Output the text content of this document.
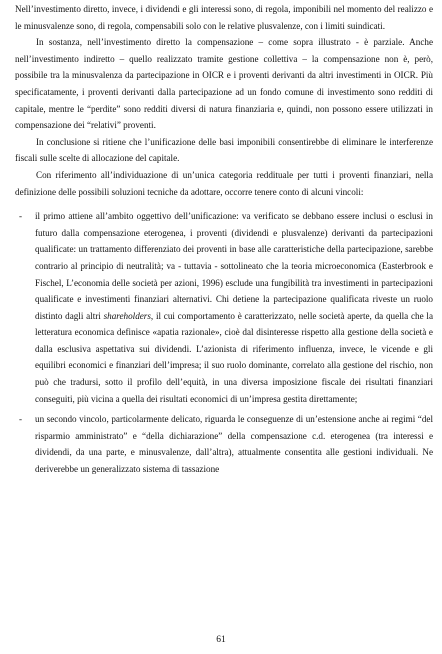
Nell’investimento diretto, invece, i dividendi e gli interessi sono, di regola, imponibili nel momento del realizzo e le minusvalenze sono, di regola, compensabili solo con le relative plusvalenze, con i limiti suindicati.

In sostanza, nell’investimento diretto la compensazione – come sopra illustrato - è parziale. Anche nell’investimento indiretto – quello realizzato tramite gestione collettiva – la compensazione non è, però, possibile tra la minusvalenza da partecipazione in OICR e i proventi derivanti da altri investimenti in OICR. Più specificatamente, i proventi derivanti dalla partecipazione ad un fondo comune di investimento sono redditi di capitale, mentre le “perdite” sono redditi diversi di natura finanziaria e, quindi, non possono essere utilizzati in compensazione dei “relativi” proventi.

In conclusione si ritiene che l’unificazione delle basi imponibili consentirebbe di eliminare le interferenze fiscali sulle scelte di allocazione del capitale.

Con riferimento all’individuazione di un’unica categoria reddituale per tutti i proventi finanziari, nella definizione delle possibili soluzioni tecniche da adottare, occorre tenere conto di alcuni vincoli:

- il primo attiene all’ambito oggettivo dell’unificazione: va verificato se debbano essere inclusi o esclusi in futuro dalla compensazione eterogenea, i proventi (dividendi e plusvalenze) derivanti da partecipazioni qualificate: un trattamento differenziato dei proventi in base alle caratteristiche della partecipazione, sarebbe contrario al principio di neutralità; va - tuttavia - sottolineato che la teoria microeconomica (Easterbrook e Fischel, L’economia delle società per azioni, 1996) esclude una fungibilità tra investimenti in partecipazioni qualificate e investimenti finanziari alternativi. Chi detiene la partecipazione qualificata riveste un ruolo distinto dagli altri shareholders, il cui comportamento è caratterizzato, nelle società aperte, da quella che la letteratura economica definisce «apatia razionale», cioè dal disinteresse rispetto alla gestione della società e dalla esclusiva aspettativa sui dividendi. L’azionista di riferimento influenza, invece, le vicende e gli equilibri economici e finanziari dell’impresa; il suo ruolo dominante, correlato alla gestione del rischio, non può che tradursi, sotto il profilo dell’equità, in una diversa imposizione fiscale dei risultati finanziari conseguiti, più vicina a quella dei risultati economici di un’impresa gestita direttamente;
- un secondo vincolo, particolarmente delicato, riguarda le conseguenze di un’estensione anche ai regimi “del risparmio amministrato” e “della dichiarazione” della compensazione c.d. eterogenea (tra interessi e dividendi, da una parte, e minusvalenze, dall’altra), attualmente consentita alle gestioni individuali. Ne deriverebbe un generalizzato sistema di tassazione
61
